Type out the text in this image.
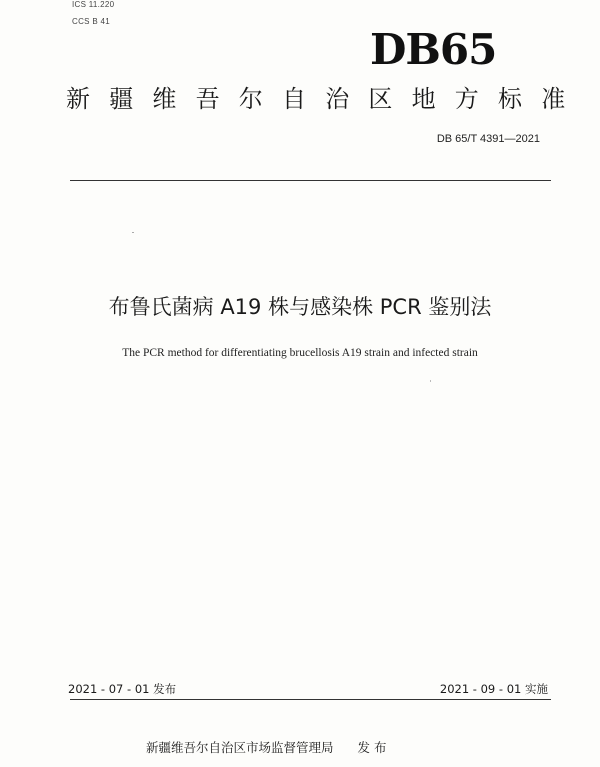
ICS 11.220
CCS B 41
DB65
新疆维吾尔自治区地方标准
DB 65/T 4391—2021
布鲁氏菌病 A19 株与感染株 PCR 鉴别法
The PCR method for differentiating brucellosis A19 strain and infected strain
2021 - 07 - 01 发布	2021 - 09 - 01 实施
新疆维吾尔自治区市场监督管理局 发 布
